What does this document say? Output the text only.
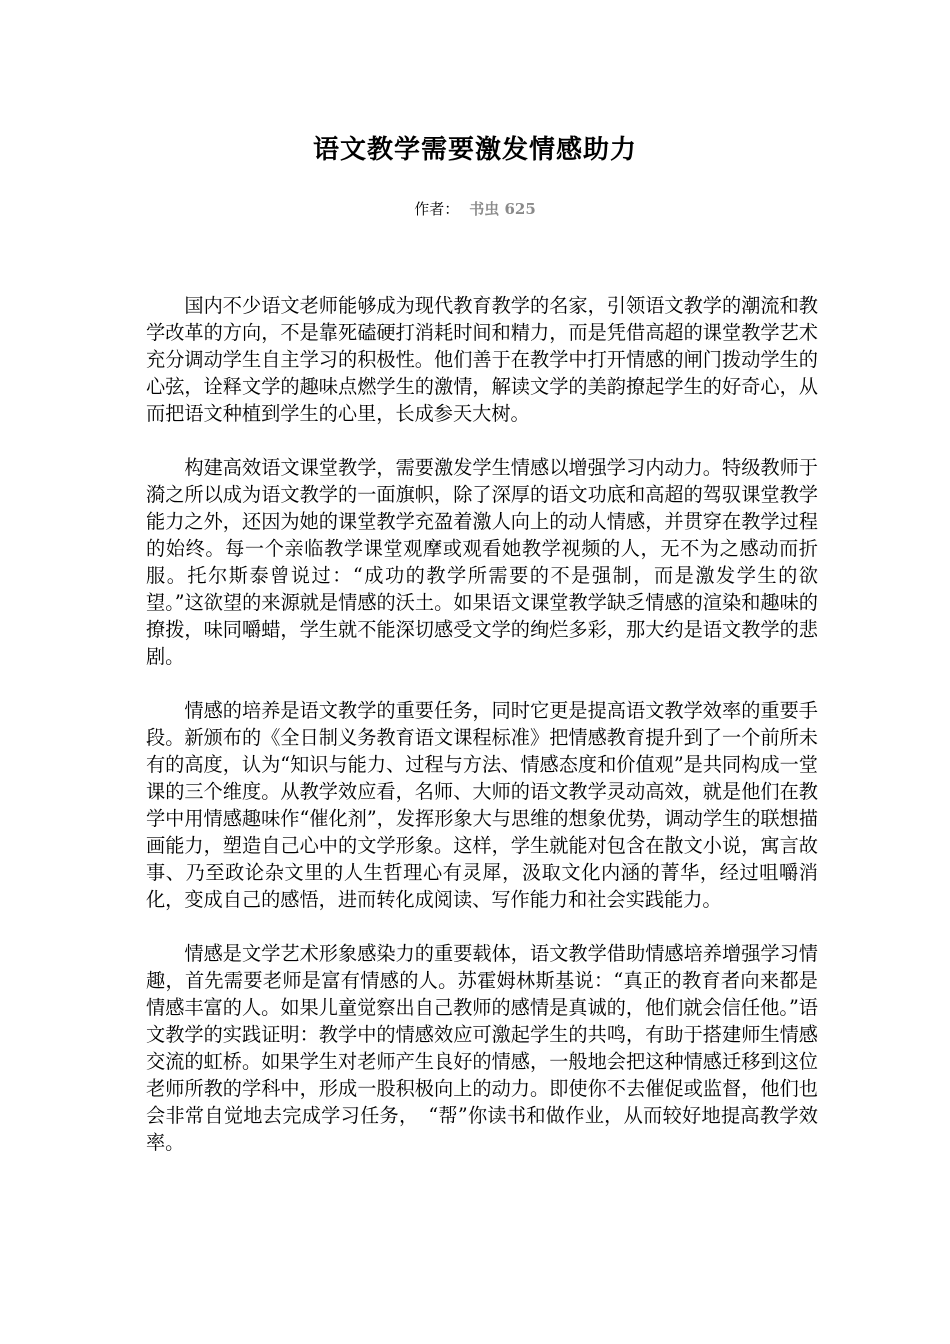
语文教学需要激发情感助力
作者： 书虫 625

国内不少语文老师能够成为现代教育教学的名家，引领语文教学的潮流和教学改革的方向，不是靠死磕硬打消耗时间和精力，而是凭借高超的课堂教学艺术充分调动学生自主学习的积极性。他们善于在教学中打开情感的闸门拨动学生的心弦，诠释文学的趣味点燃学生的激情，解读文学的美韵撩起学生的好奇心，从而把语文种植到学生的心里，长成参天大树。

构建高效语文课堂教学，需要激发学生情感以增强学习内动力。特级教师于漪之所以成为语文教学的一面旗帜，除了深厚的语文功底和高超的驾驭课堂教学能力之外，还因为她的课堂教学充盈着激人向上的动人情感，并贯穿在教学过程的始终。每一个亲临教学课堂观摩或观看她教学视频的人，无不为之感动而折服。托尔斯泰曾说过：“成功的教学所需要的不是强制，而是激发学生的欲望。”这欲望的来源就是情感的沃土。如果语文课堂教学缺乏情感的渲染和趣味的撩拨，味同嚼蜡，学生就不能深切感受文学的绚烂多彩，那大约是语文教学的悲剧。

情感的培养是语文教学的重要任务，同时它更是提高语文教学效率的重要手段。新颁布的《全日制义务教育语文课程标准》把情感教育提升到了一个前所未有的高度，认为“知识与能力、过程与方法、情感态度和价值观”是共同构成一堂课的三个维度。从教学效应看，名师、大师的语文教学灵动高效，就是他们在教学中用情感趣味作“催化剂”，发挥形象大与思维的想象优势，调动学生的联想描画能力，塑造自己心中的文学形象。这样，学生就能对包含在散文小说，寓言故事、乃至政论杂文里的人生哲理心有灵犀，汲取文化内涵的菁华，经过咀嚼消化，变成自己的感悟，进而转化成阅读、写作能力和社会实践能力。

情感是文学艺术形象感染力的重要载体，语文教学借助情感培养增强学习情趣，首先需要老师是富有情感的人。苏霍姆林斯基说：“真正的教育者向来都是情感丰富的人。如果儿童觉察出自己教师的感情是真诚的，他们就会信任他。”语文教学的实践证明：教学中的情感效应可激起学生的共鸣，有助于搭建师生情感交流的虹桥。如果学生对老师产生良好的情感，一般地会把这种情感迁移到这位老师所教的学科中，形成一股积极向上的动力。即使你不去催促或监督，他们也会非常自觉地去完成学习任务，　“帮”你读书和做作业，从而较好地提高教学效率。
